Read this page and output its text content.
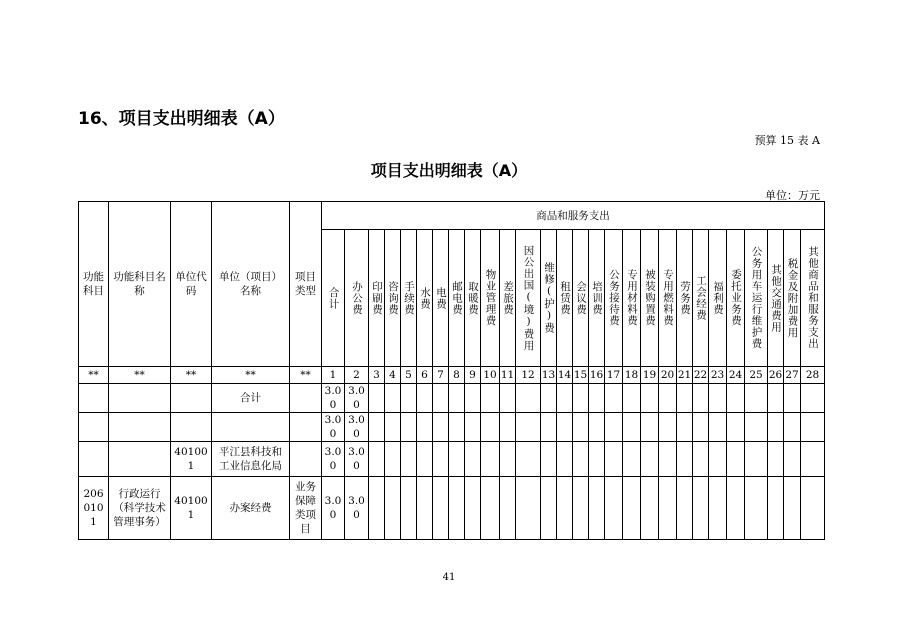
16、项目支出明细表（A）
预算 15 表 A
项目支出明细表（A）
单位：万元
功能科目	功能科目名称	单位代码	单位（项目）名称	项目类型	商品和服务支出																											

					合计	办公费	印刷费	咨询费	手续费	水费	电费	邮电费	取暖费	物业管理费	差旅费	因公出国(境)费用	维修(护)费	租赁费	会议费	培训费	公务接待费	专用材料费	被装购置费	专用燃料费	劳务费	工会经费	福利费	委托业务费	公务用车运行维护费	其他交通费用	税金及附加费用	其他商品和服务支出

**	**	**	**	**	1	2	3	4	5	6	7	8	9	10	11	12	13	14	15	16	17	18	19	20	21	22	23	24	25	26	27	28
			合计		3.00	3.00																										
					3.00	3.00																										
		401001	平江县科技和工业信息化局		3.00	3.00																										
2060101	行政运行（科学技术管理事务）	401001	办案经费	业务保障类项目	3.00	3.00																										
41
